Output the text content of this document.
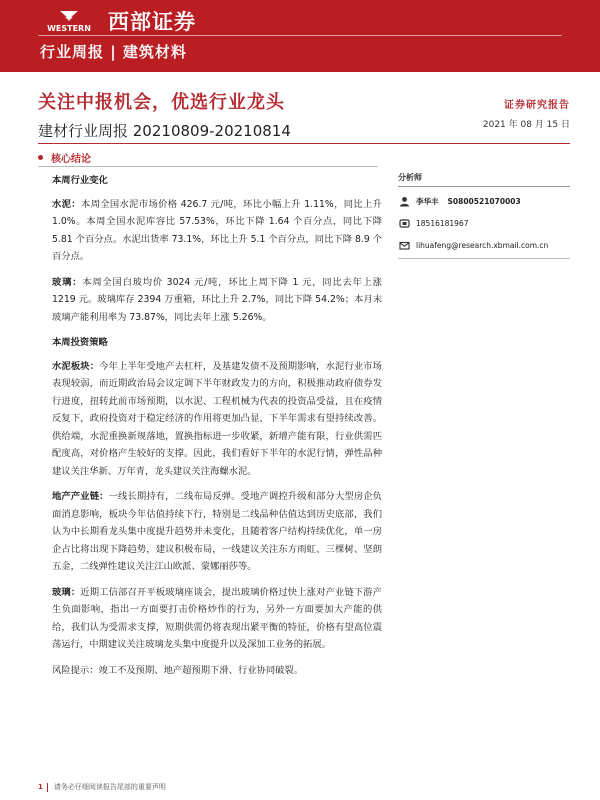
WESTERN 西部证券
行业周报 | 建筑材料
关注中报机会，优选行业龙头	证券研究报告
建材行业周报 20210809-20210814	2021 年 08 月 15 日
核心结论

本周行业变化

水泥：本周全国水泥市场价格 426.7 元/吨，环比小幅上升 1.11%，同比上升 1.0%。本周全国水泥库容比 57.53%，环比下降 1.64 个百分点，同比下降 5.81 个百分点。水泥出货率 73.1%，环比上升 5.1 个百分点，同比下降 8.9 个百分点。

玻璃：本周全国白玻均价 3024 元/吨，环比上周下降 1 元，同比去年上涨 1219 元。玻璃库存 2394 万重箱，环比上升 2.7%，同比下降 54.2%；本月末玻璃产能利用率为 73.87%，同比去年上涨 5.26%。

本周投资策略

水泥板块：今年上半年受地产去杠杆，及基建发债不及预期影响，水泥行业市场表现较弱，而近期政治局会议定调下半年财政发力的方向，积极推动政府债券发行进度，扭转此前市场预期，以水泥、工程机械为代表的投资品受益，且在疫情反复下，政府投资对于稳定经济的作用将更加凸显，下半年需求有望持续改善。供给端，水泥重换新规落地，置换指标进一步收紧，新增产能有限，行业供需匹配度高，对价格产生较好的支撑。因此，我们看好下半年的水泥行情，弹性品种建议关注华新、万年青，龙头建议关注海螺水泥。

地产产业链：一线长期持有，二线布局反弹。受地产调控升级和部分大型房企负面消息影响，板块今年估值持续下行，特别是二线品种估值达到历史底部，我们认为中长期看龙头集中度提升趋势并未变化，且随着客户结构持续优化，单一房企占比将出现下降趋势，建议积极布局，一线建议关注东方雨虹、三棵树、坚朗五金，二线弹性建议关注江山欧派、蒙娜丽莎等。

玻璃：近期工信部召开平板玻璃座谈会，提出玻璃价格过快上涨对产业链下游产生负面影响，指出一方面要打击价格炒作的行为，另外一方面要加大产能的供给，我们认为受需求支撑，短期供需仍将表现出紧平衡的特征，价格有望高位震荡运行，中期建议关注玻璃龙头集中度提升以及深加工业务的拓展。

风险提示：竣工不及预期、地产超预期下滑、行业协同破裂。

分析师
李华丰 S0800521070003
18516181967
lihuafeng@research.xbmail.com.cn
1 请务必仔细阅读报告尾部的重要声明
